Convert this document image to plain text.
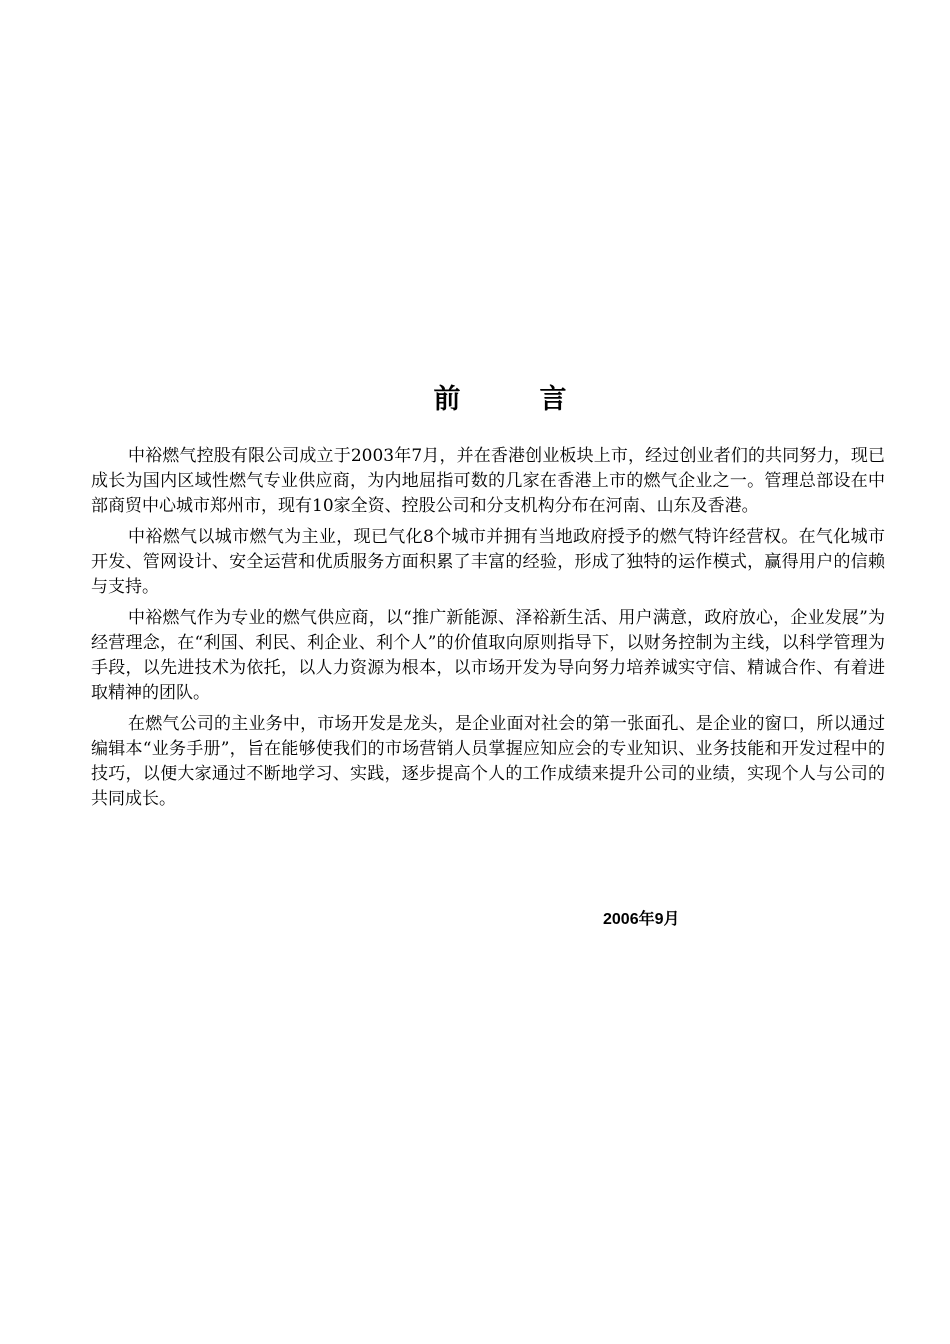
前　言

中裕燃气控股有限公司成立于2003年7月，并在香港创业板块上市，经过创业者们的共同努力，现已成长为国内区域性燃气专业供应商，为内地屈指可数的几家在香港上市的燃气企业之一。管理总部设在中部商贸中心城市郑州市，现有10家全资、控股公司和分支机构分布在河南、山东及香港。

中裕燃气以城市燃气为主业，现已气化8个城市并拥有当地政府授予的燃气特许经营权。在气化城市开发、管网设计、安全运营和优质服务方面积累了丰富的经验，形成了独特的运作模式，赢得用户的信赖与支持。

中裕燃气作为专业的燃气供应商，以“推广新能源、泽裕新生活、用户满意，政府放心，企业发展”为经营理念，在“利国、利民、利企业、利个人”的价值取向原则指导下，以财务控制为主线，以科学管理为手段，以先进技术为依托，以人力资源为根本，以市场开发为导向努力培养诚实守信、精诚合作、有着进取精神的团队。

在燃气公司的主业务中，市场开发是龙头，是企业面对社会的第一张面孔、是企业的窗口，所以通过编辑本“业务手册”，旨在能够使我们的市场营销人员掌握应知应会的专业知识、业务技能和开发过程中的技巧，以便大家通过不断地学习、实践，逐步提高个人的工作成绩来提升公司的业绩，实现个人与公司的共同成长。

2006年9月
